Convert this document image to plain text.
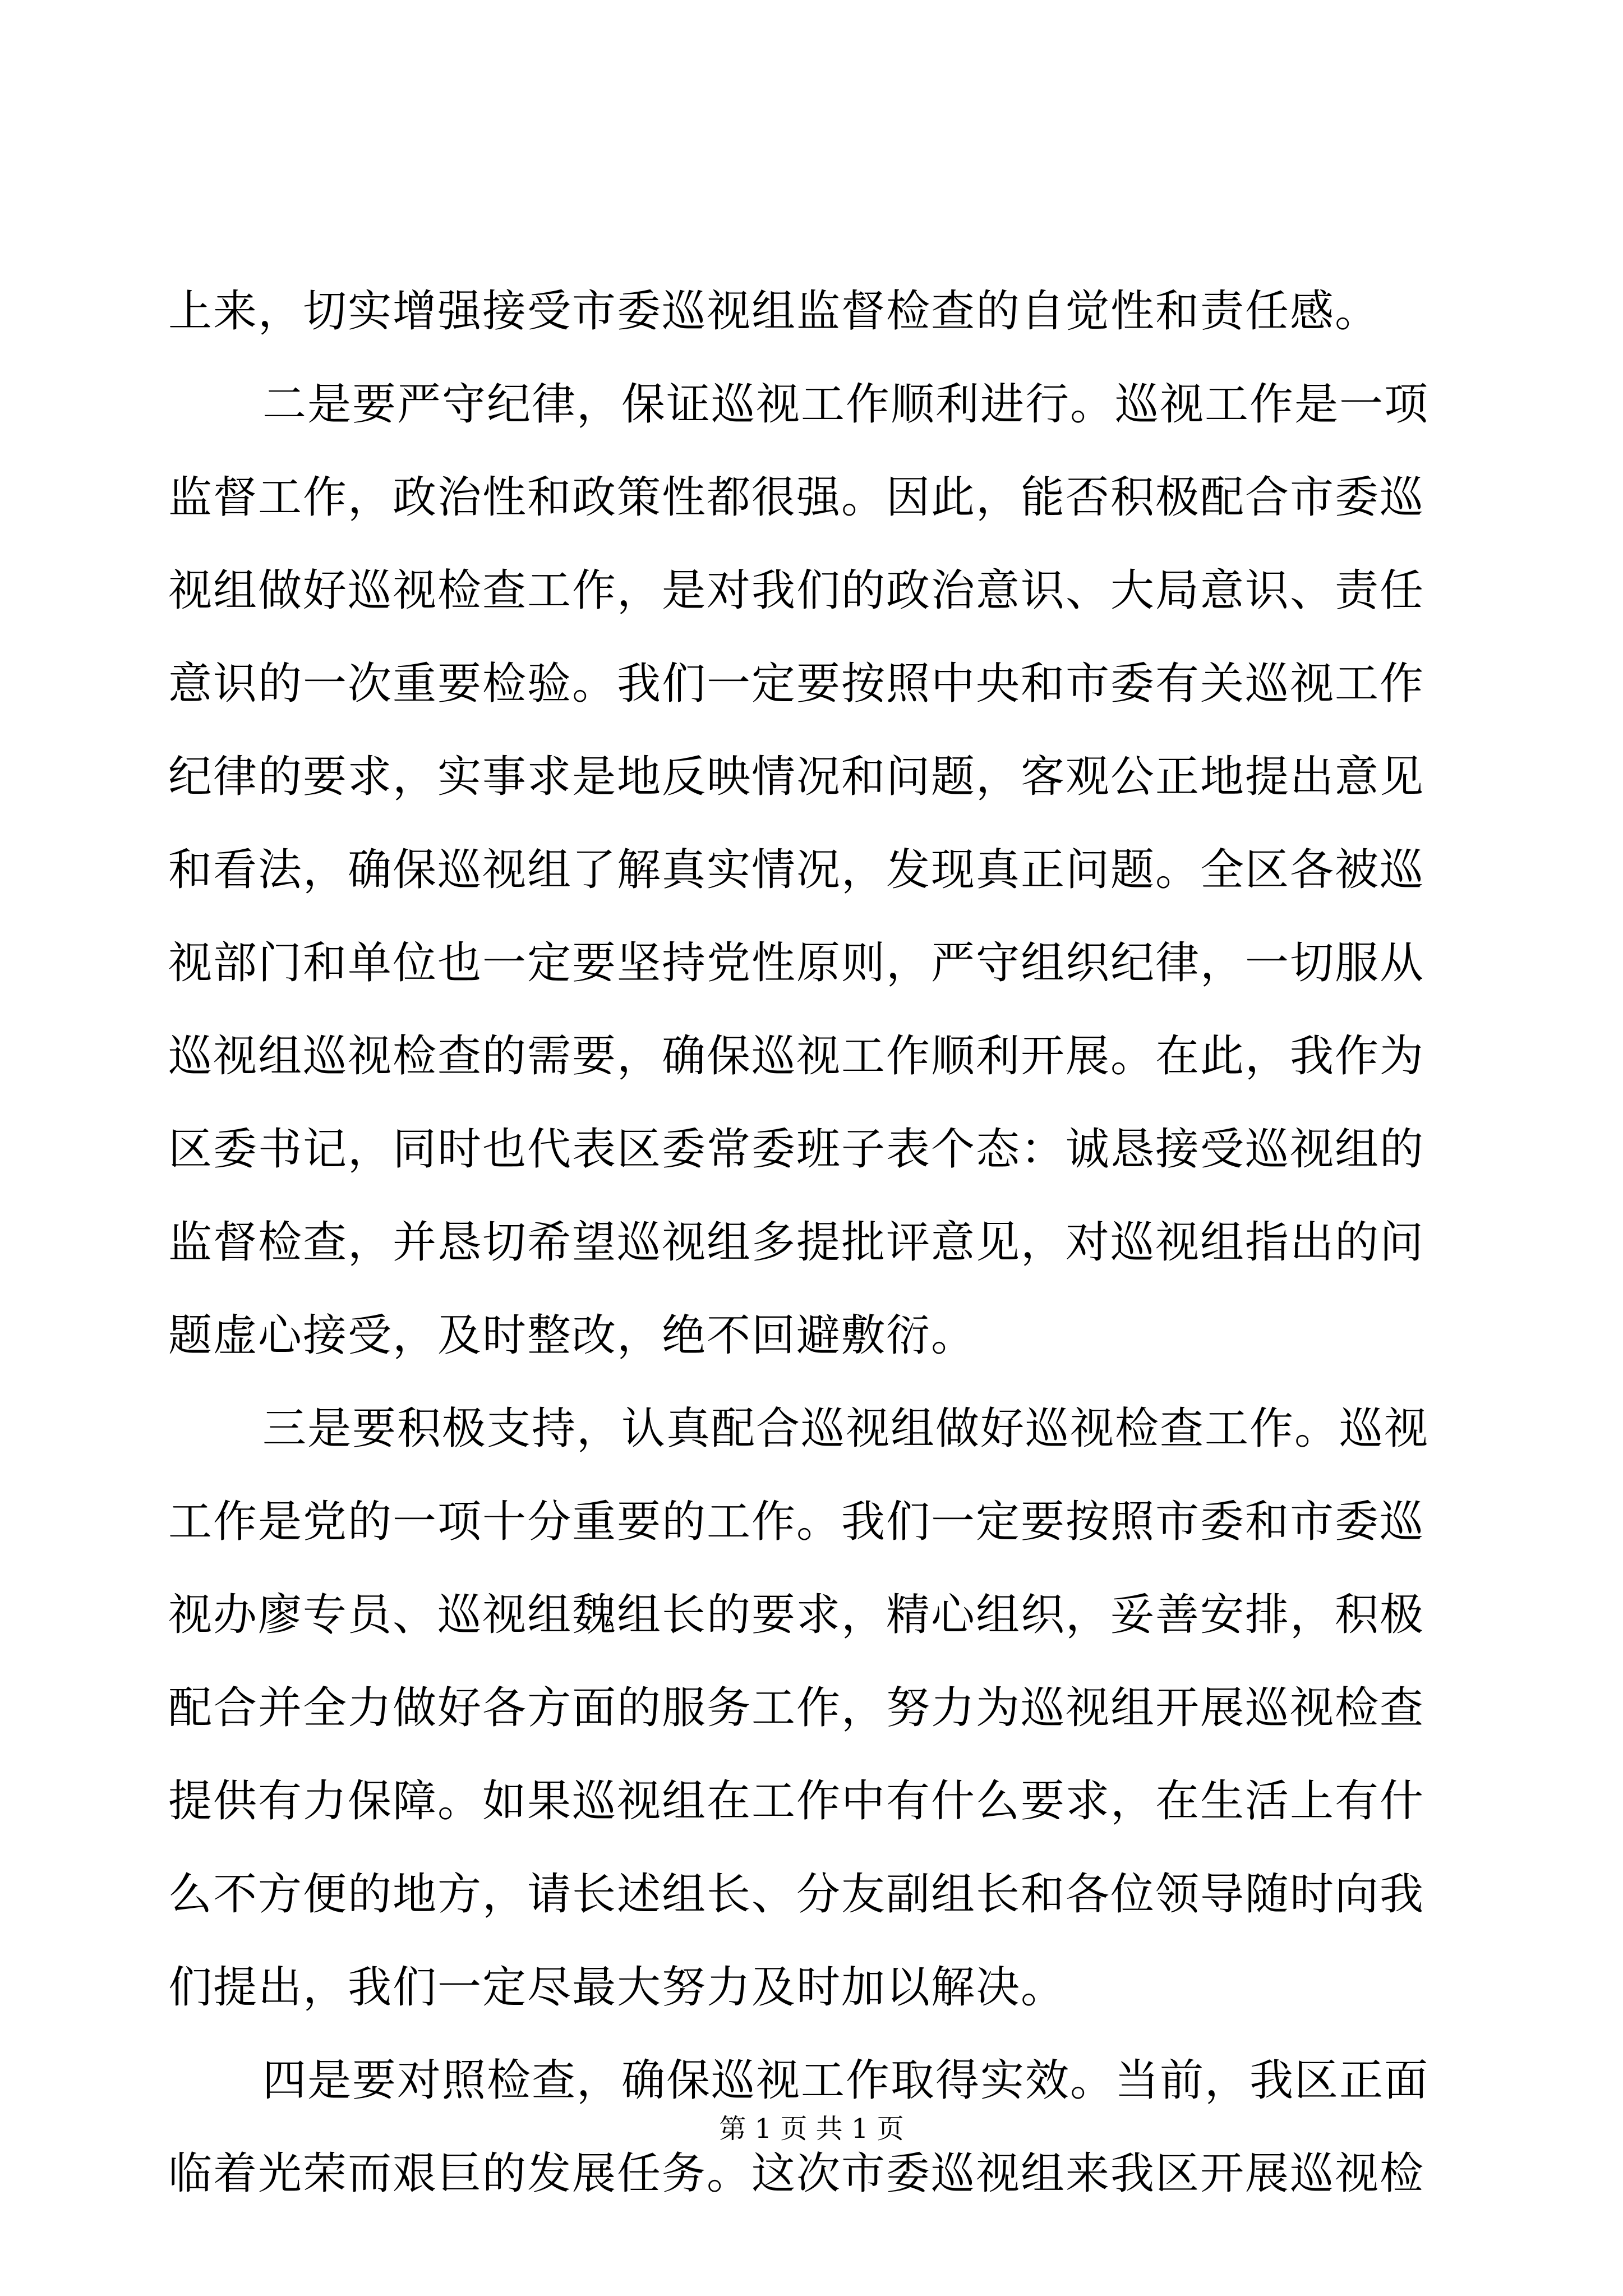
上来，切实增强接受市委巡视组监督检查的自觉性和责任感。
二是要严守纪律，保证巡视工作顺利进行。巡视工作是一项
监督工作，政治性和政策性都很强。因此，能否积极配合市委巡
视组做好巡视检查工作，是对我们的政治意识、大局意识、责任
意识的一次重要检验。我们一定要按照中央和市委有关巡视工作
纪律的要求，实事求是地反映情况和问题，客观公正地提出意见
和看法，确保巡视组了解真实情况，发现真正问题。全区各被巡
视部门和单位也一定要坚持党性原则，严守组织纪律，一切服从
巡视组巡视检查的需要，确保巡视工作顺利开展。在此，我作为
区委书记，同时也代表区委常委班子表个态：诚恳接受巡视组的
监督检查，并恳切希望巡视组多提批评意见，对巡视组指出的问
题虚心接受，及时整改，绝不回避敷衍。
三是要积极支持，认真配合巡视组做好巡视检查工作。巡视
工作是党的一项十分重要的工作。我们一定要按照市委和市委巡
视办廖专员、巡视组魏组长的要求，精心组织，妥善安排，积极
配合并全力做好各方面的服务工作，努力为巡视组开展巡视检查
提供有力保障。如果巡视组在工作中有什么要求，在生活上有什
么不方便的地方，请长述组长、分友副组长和各位领导随时向我
们提出，我们一定尽最大努力及时加以解决。
四是要对照检查，确保巡视工作取得实效。当前，我区正面
临着光荣而艰巨的发展任务。这次市委巡视组来我区开展巡视检
第 1 页 共 1 页
